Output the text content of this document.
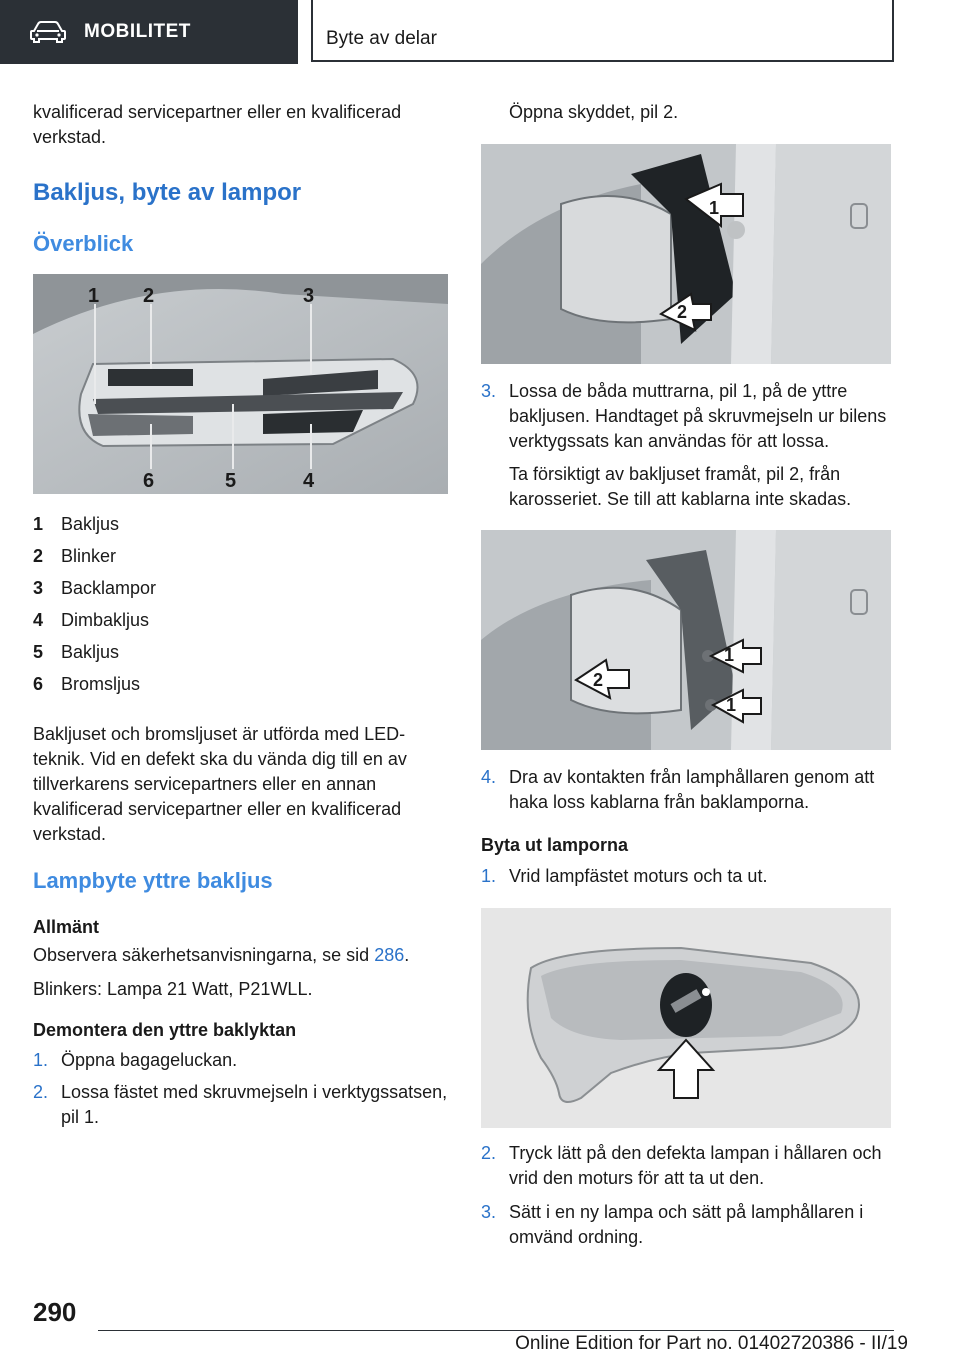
MOBILITET	Byte av delar

kvalificerad servicepartner eller en kvalificerad verkstad.

Bakljus, byte av lampor
Överblick
1 2	3
4
5
6
1 Bakljus
2 Blinker
3 Backlampor
4 Dimbakljus
5 Bakljus
6 Bromsljus

Bakljuset och bromsljuset är utförda med LED-teknik. Vid en defekt ska du vända dig till en av tillverkarens servicepartners eller en annan kvalificerad servicepartner eller en kvalificerad verkstad.

Lampbyte yttre bakljus
Allmänt

Observera säkerhetsanvisningarna, se sid 286.

Blinkers: Lampa 21 Watt, P21WLL.

Demontera den yttre baklyktan
1. Öppna bagageluckan.
2. Lossa fästet med skruvmejseln i verktygssatsen, pil 1.

Öppna skyddet, pil 2.

1
2
3. Lossa de båda muttrarna, pil 1, på de yttre bakljusen. Handtaget på skruvmejseln ur bilens verktygssats kan användas för att lossa.
Ta försiktigt av bakljuset framåt, pil 2, från karosseriet. Se till att kablarna inte skadas.
1
1
2
4. Dra av kontakten från lamphållaren genom att haka loss kablarna från baklamporna.
Byta ut lamporna
1. Vrid lampfästet moturs och ta ut.
2. Tryck lätt på den defekta lampan i hållaren och vrid den moturs för att ta ut den.
3. Sätt i en ny lampa och sätt på lamphållaren i omvänd ordning.
290
Online Edition for Part no. 01402720386 - II/19
